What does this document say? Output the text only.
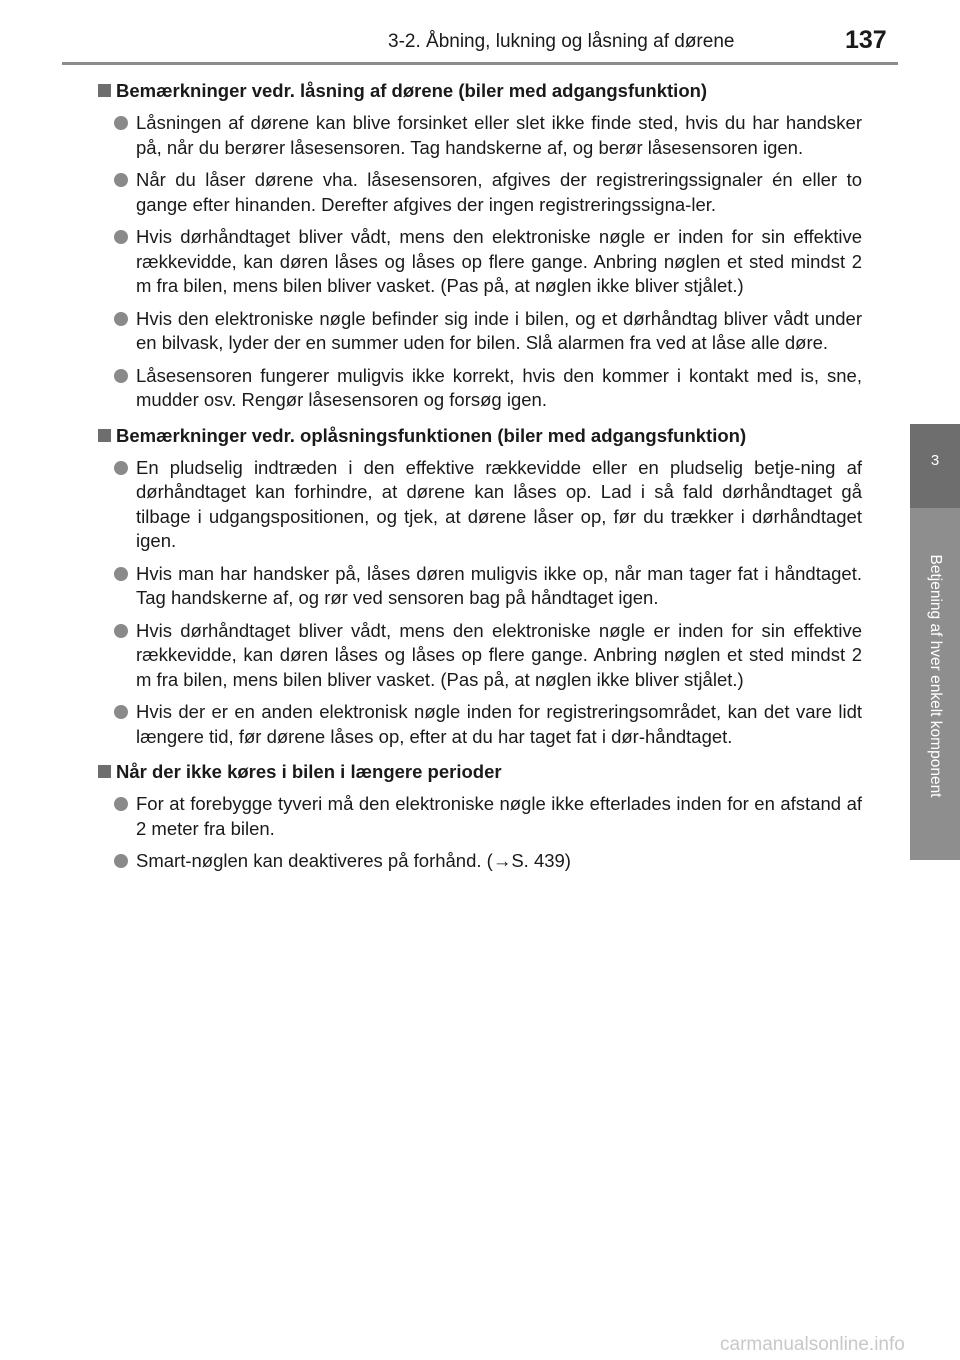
3-2. Åbning, lukning og låsning af dørene	137
3
Betjening af hver enkelt komponent
Bemærkninger vedr. låsning af dørene (biler med adgangsfunktion)
Låsningen af dørene kan blive forsinket eller slet ikke finde sted, hvis du har handsker på, når du berører låsesensoren. Tag handskerne af, og berør låsesensoren igen.
Når du låser dørene vha. låsesensoren, afgives der registreringssignaler én eller to gange efter hinanden. Derefter afgives der ingen registreringssigna-ler.
Hvis dørhåndtaget bliver vådt, mens den elektroniske nøgle er inden for sin effektive rækkevidde, kan døren låses og låses op flere gange. Anbring nøglen et sted mindst 2 m fra bilen, mens bilen bliver vasket. (Pas på, at nøglen ikke bliver stjålet.)
Hvis den elektroniske nøgle befinder sig inde i bilen, og et dørhåndtag bliver vådt under en bilvask, lyder der en summer uden for bilen. Slå alarmen fra ved at låse alle døre.
Låsesensoren fungerer muligvis ikke korrekt, hvis den kommer i kontakt med is, sne, mudder osv. Rengør låsesensoren og forsøg igen.
Bemærkninger vedr. oplåsningsfunktionen (biler med adgangsfunktion)
En pludselig indtræden i den effektive rækkevidde eller en pludselig betje-ning af dørhåndtaget kan forhindre, at dørene kan låses op. Lad i så fald dørhåndtaget gå tilbage i udgangspositionen, og tjek, at dørene låser op, før du trækker i dørhåndtaget igen.
Hvis man har handsker på, låses døren muligvis ikke op, når man tager fat i håndtaget. Tag handskerne af, og rør ved sensoren bag på håndtaget igen.
Hvis dørhåndtaget bliver vådt, mens den elektroniske nøgle er inden for sin effektive rækkevidde, kan døren låses og låses op flere gange. Anbring nøglen et sted mindst 2 m fra bilen, mens bilen bliver vasket. (Pas på, at nøglen ikke bliver stjålet.)
Hvis der er en anden elektronisk nøgle inden for registreringsområdet, kan det vare lidt længere tid, før dørene låses op, efter at du har taget fat i dør-håndtaget.
Når der ikke køres i bilen i længere perioder
For at forebygge tyveri må den elektroniske nøgle ikke efterlades inden for en afstand af 2 meter fra bilen.
Smart-nøglen kan deaktiveres på forhånd. (→S. 439)
carmanualsonline.info
